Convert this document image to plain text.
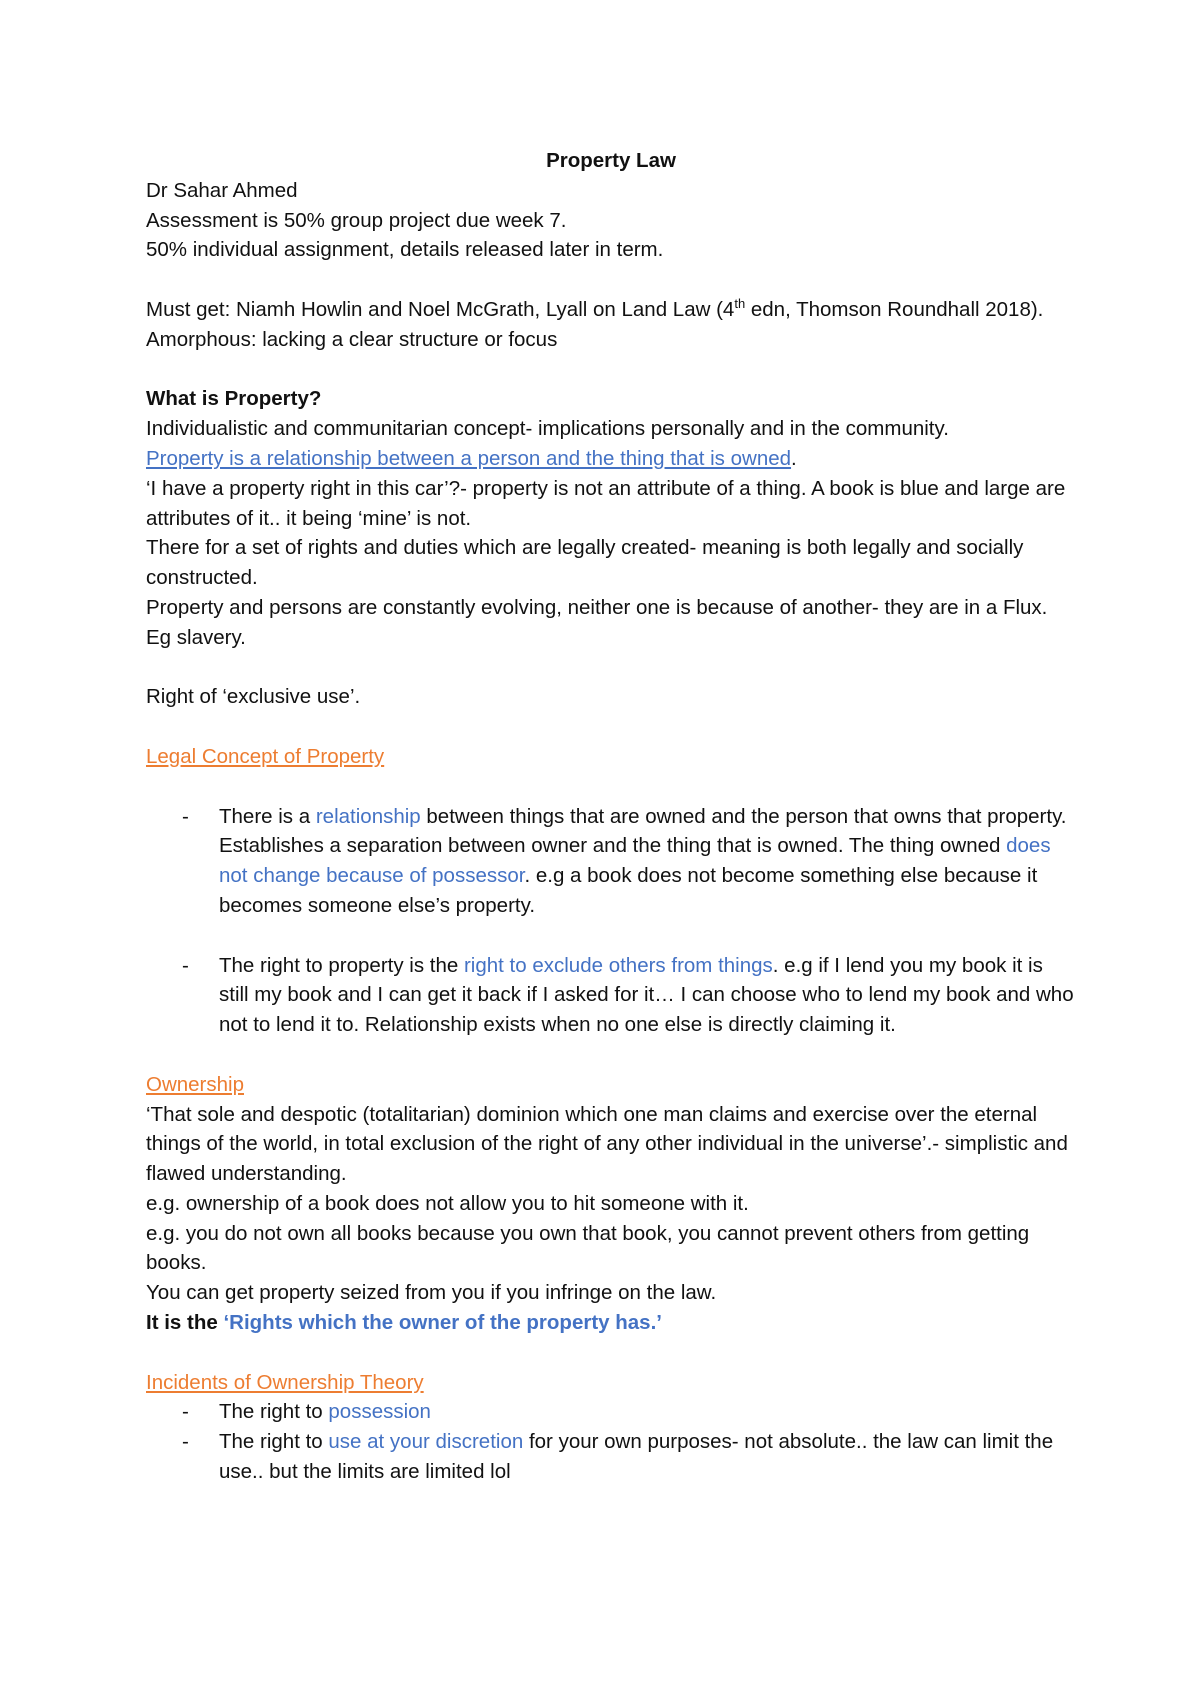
Property Law

Dr Sahar Ahmed

Assessment is 50% group project due week 7.

50% individual assignment, details released later in term.

Must get: Niamh Howlin and Noel McGrath, Lyall on Land Law (4th edn, Thomson Roundhall 2018).

Amorphous: lacking a clear structure or focus

What is Property?

Individualistic and communitarian concept- implications personally and in the community.

Property is a relationship between a person and the thing that is owned.

‘I have a property right in this car’?- property is not an attribute of a thing. A book is blue and large are attributes of it.. it being ‘mine’ is not.

There for a set of rights and duties which are legally created- meaning is both legally and socially constructed.

Property and persons are constantly evolving, neither one is because of another- they are in a Flux. Eg slavery.

Right of ‘exclusive use’.

Legal Concept of Property

- There is a relationship between things that are owned and the person that owns that property. Establishes a separation between owner and the thing that is owned. The thing owned does not change because of possessor. e.g a book does not become something else because it becomes someone else’s property.

- The right to property is the right to exclude others from things. e.g if I lend you my book it is still my book and I can get it back if I asked for it… I can choose who to lend my book and who not to lend it to. Relationship exists when no one else is directly claiming it.

Ownership

‘That sole and despotic (totalitarian) dominion which one man claims and exercise over the eternal things of the world, in total exclusion of the right of any other individual in the universe’.- simplistic and flawed understanding.

e.g. ownership of a book does not allow you to hit someone with it.

e.g. you do not own all books because you own that book, you cannot prevent others from getting books.

You can get property seized from you if you infringe on the law.

It is the ‘Rights which the owner of the property has.’

Incidents of Ownership Theory

- The right to possession

- The right to use at your discretion for your own purposes- not absolute.. the law can limit the use.. but the limits are limited lol
